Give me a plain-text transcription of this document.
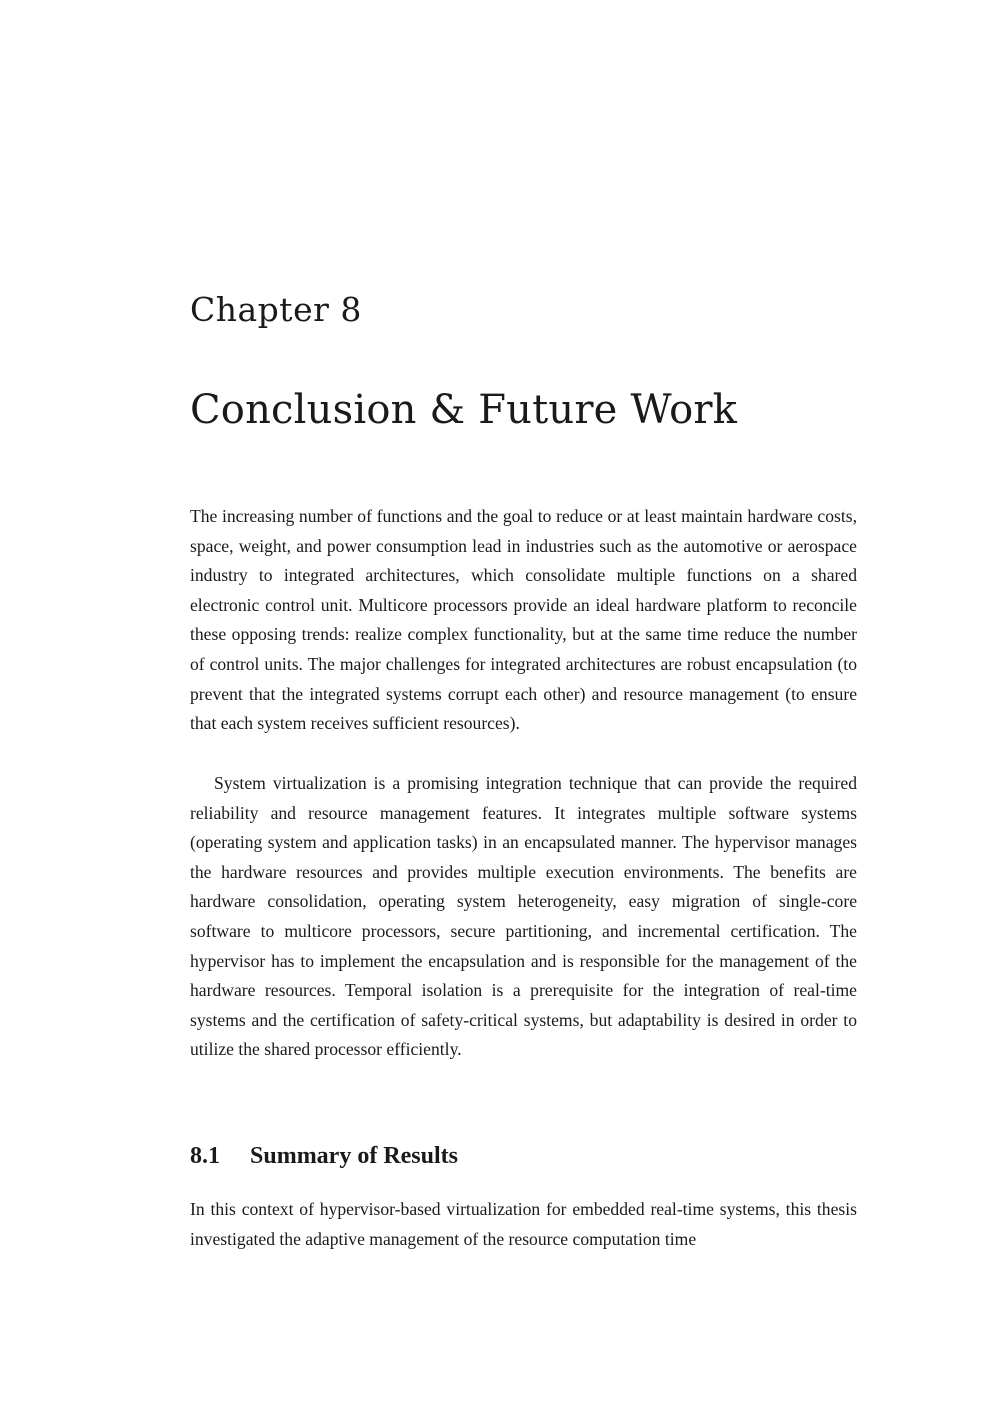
Chapter 8
Conclusion & Future Work

The increasing number of functions and the goal to reduce or at least maintain hardware costs, space, weight, and power consumption lead in industries such as the automotive or aerospace industry to integrated architectures, which consolidate multiple functions on a shared electronic control unit. Multicore processors provide an ideal hardware platform to reconcile these opposing trends: realize complex functionality, but at the same time reduce the number of control units. The major challenges for integrated architectures are robust encapsulation (to prevent that the integrated systems corrupt each other) and resource management (to ensure that each system receives sufficient resources).

System virtualization is a promising integration technique that can provide the required reliability and resource management features. It integrates multiple software systems (operating system and application tasks) in an encapsulated manner. The hypervisor manages the hardware resources and provides multiple execution environments. The benefits are hardware consolidation, operating system heterogeneity, easy migration of single-core software to multicore processors, secure partitioning, and incremental certification. The hypervisor has to implement the encapsulation and is responsible for the management of the hardware resources. Temporal isolation is a prerequisite for the integration of real-time systems and the certification of safety-critical systems, but adaptability is desired in order to utilize the shared processor efficiently.

8.1 Summary of Results

In this context of hypervisor-based virtualization for embedded real-time systems, this thesis investigated the adaptive management of the resource computation time
